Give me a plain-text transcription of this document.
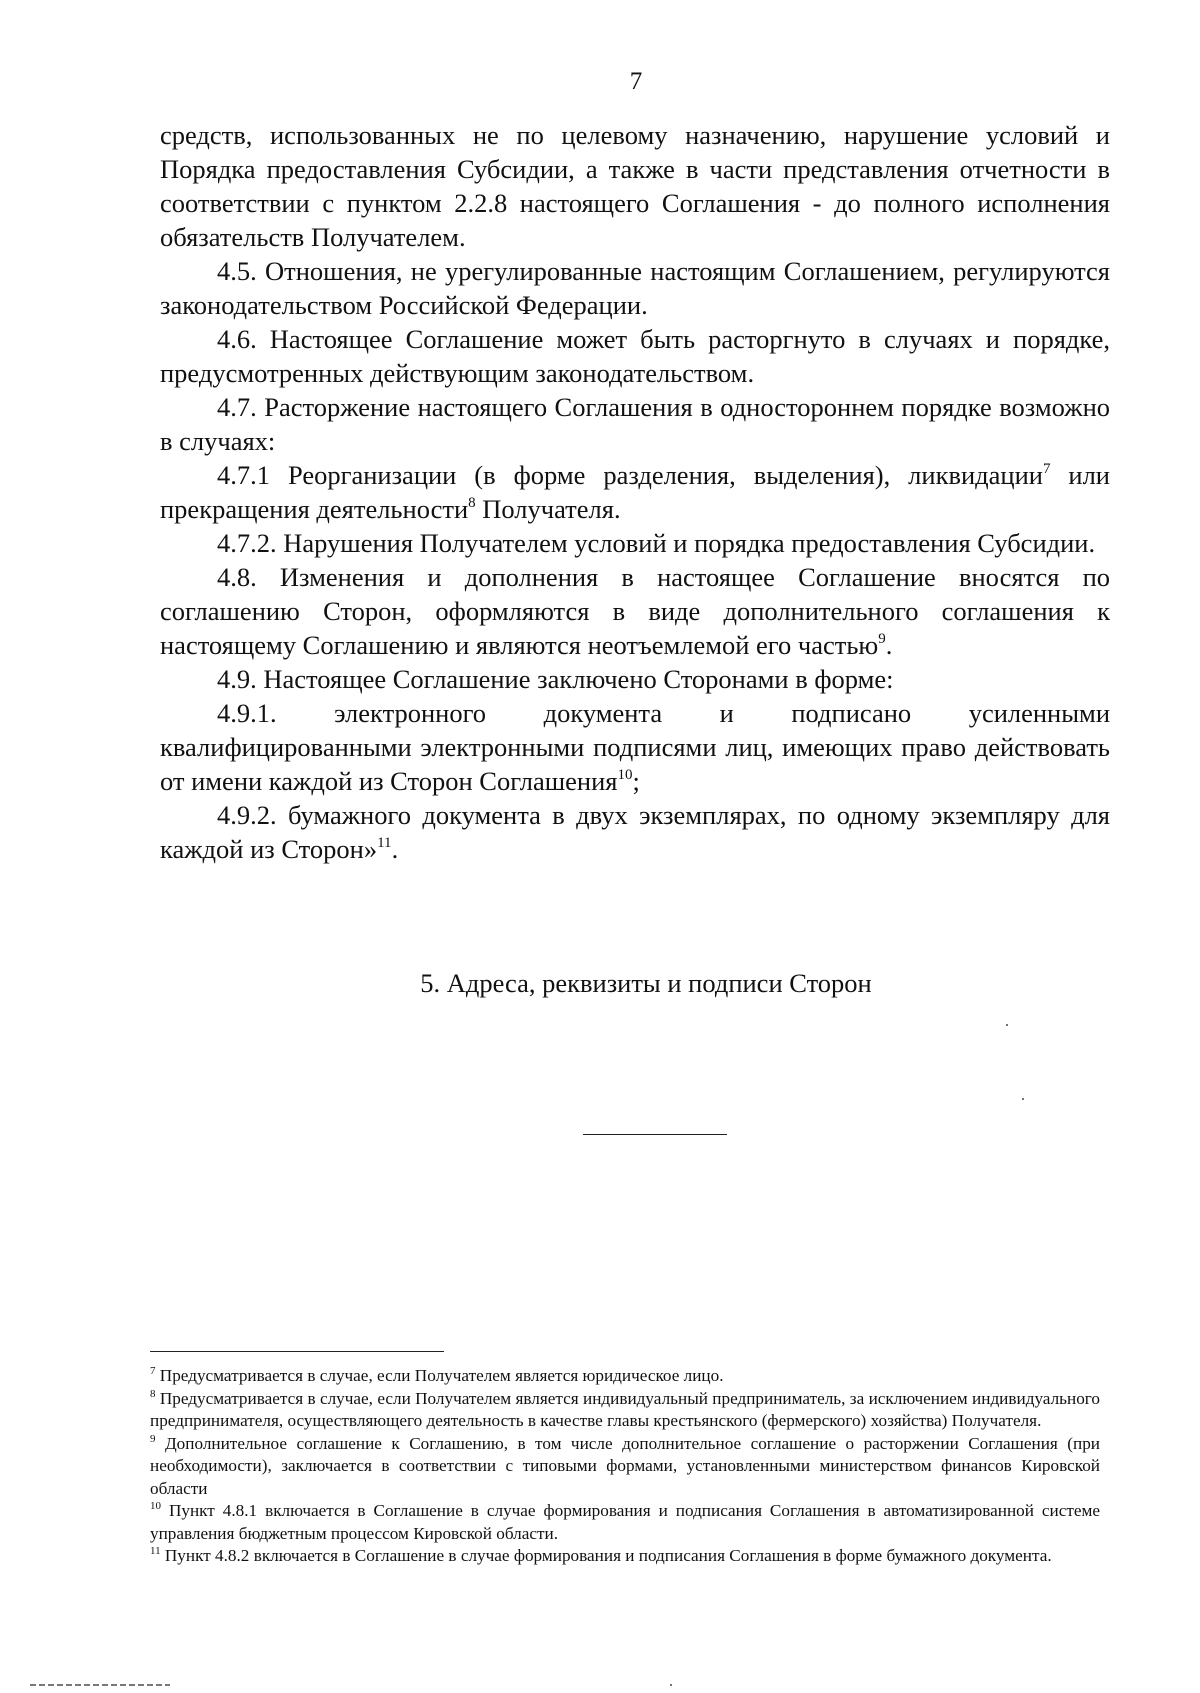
7

средств, использованных не по целевому назначению, нарушение условий и Порядка предоставления Субсидии, а также в части представления отчетности в соответствии с пунктом 2.2.8 настоящего Соглашения - до полного исполнения обязательств Получателем.

4.5. Отношения, не урегулированные настоящим Соглашением, регулируются законодательством Российской Федерации.

4.6. Настоящее Соглашение может быть расторгнуто в случаях и порядке, предусмотренных действующим законодательством.

4.7. Расторжение настоящего Соглашения в одностороннем порядке возможно в случаях:

4.7.1 Реорганизации (в форме разделения, выделения), ликвидации$^7$ или прекращения деятельности$^8$ Получателя.

4.7.2. Нарушения Получателем условий и порядка предоставления Субсидии.

4.8. Изменения и дополнения в настоящее Соглашение вносятся по соглашению Сторон, оформляются в виде дополнительного соглашения к настоящему Соглашению и являются неотъемлемой его частью$^9$.

4.9. Настоящее Соглашение заключено Сторонами в форме:

4.9.1. электронного документа и подписано усиленными квалифицированными электронными подписями лиц, имеющих право действовать от имени каждой из Сторон Соглашения$^{10}$;

4.9.2. бумажного документа в двух экземплярах, по одному экземпляру для каждой из Сторон»$^{11}$.

5. Адреса, реквизиты и подписи Сторон

$^7$ Предусматривается в случае, если Получателем является юридическое лицо.

$^8$ Предусматривается в случае, если Получателем является индивидуальный предприниматель, за исключением индивидуального предпринимателя, осуществляющего деятельность в качестве главы крестьянского (фермерского) хозяйства) Получателя.

$^9$ Дополнительное соглашение к Соглашению, в том числе дополнительное соглашение о расторжении Соглашения (при необходимости), заключается в соответствии с типовыми формами, установленными министерством финансов Кировской области

$^{10}$ Пункт 4.8.1 включается в Соглашение в случае формирования и подписания Соглашения в автоматизированной системе управления бюджетным процессом Кировской области.

$^{11}$ Пункт 4.8.2 включается в Соглашение в случае формирования и подписания Соглашения в форме бумажного документа.
